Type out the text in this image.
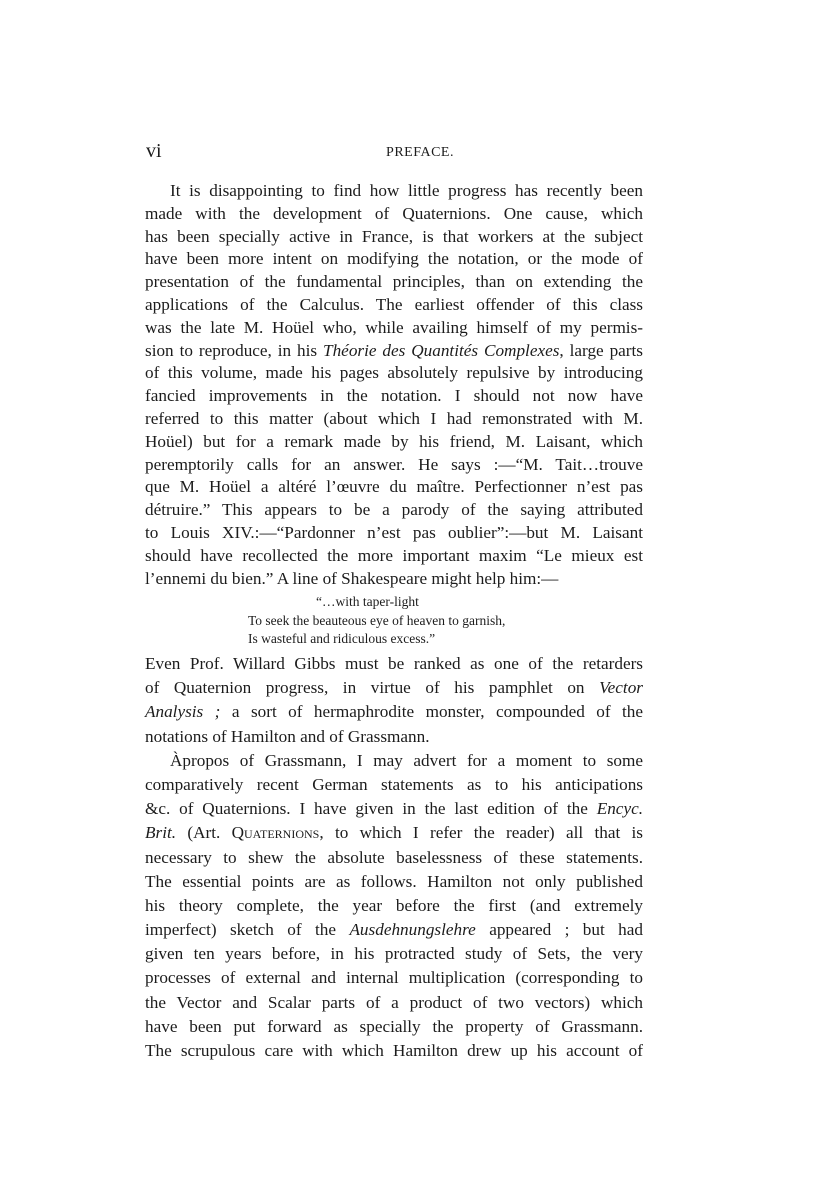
vi	PREFACE.
It is disappointing to find how little progress has recently been
made with the development of Quaternions. One cause, which
has been specially active in France, is that workers at the subject
have been more intent on modifying the notation, or the mode of
presentation of the fundamental principles, than on extending the
applications of the Calculus. The earliest offender of this class
was the late M. Hoüel who, while availing himself of my permis-
sion to reproduce, in his Théorie des Quantités Complexes, large parts
of this volume, made his pages absolutely repulsive by introducing
fancied improvements in the notation. I should not now have
referred to this matter (about which I had remonstrated with M.
Hoüel) but for a remark made by his friend, M. Laisant, which
peremptorily calls for an answer. He says :—“M. Tait…trouve
que M. Hoüel a altéré l’œuvre du maître. Perfectionner n’est pas
détruire.” This appears to be a parody of the saying attributed
to Louis XIV.:—“Pardonner n’est pas oublier”:—but M. Laisant
should have recollected the more important maxim “Le mieux est
l’ennemi du bien.” A line of Shakespeare might help him:—
“…with taper-light
To seek the beauteous eye of heaven to garnish,
Is wasteful and ridiculous excess.”
Even Prof. Willard Gibbs must be ranked as one of the retarders
of Quaternion progress, in virtue of his pamphlet on Vector
Analysis ; a sort of hermaphrodite monster, compounded of the
notations of Hamilton and of Grassmann.
Àpropos of Grassmann, I may advert for a moment to some
comparatively recent German statements as to his anticipations
&c. of Quaternions. I have given in the last edition of the Encyc.
Brit. (Art. Quaternions, to which I refer the reader) all that is
necessary to shew the absolute baselessness of these statements.
The essential points are as follows. Hamilton not only published
his theory complete, the year before the first (and extremely
imperfect) sketch of the Ausdehnungslehre appeared ; but had
given ten years before, in his protracted study of Sets, the very
processes of external and internal multiplication (corresponding to
the Vector and Scalar parts of a product of two vectors) which
have been put forward as specially the property of Grassmann.
The scrupulous care with which Hamilton drew up his account of
